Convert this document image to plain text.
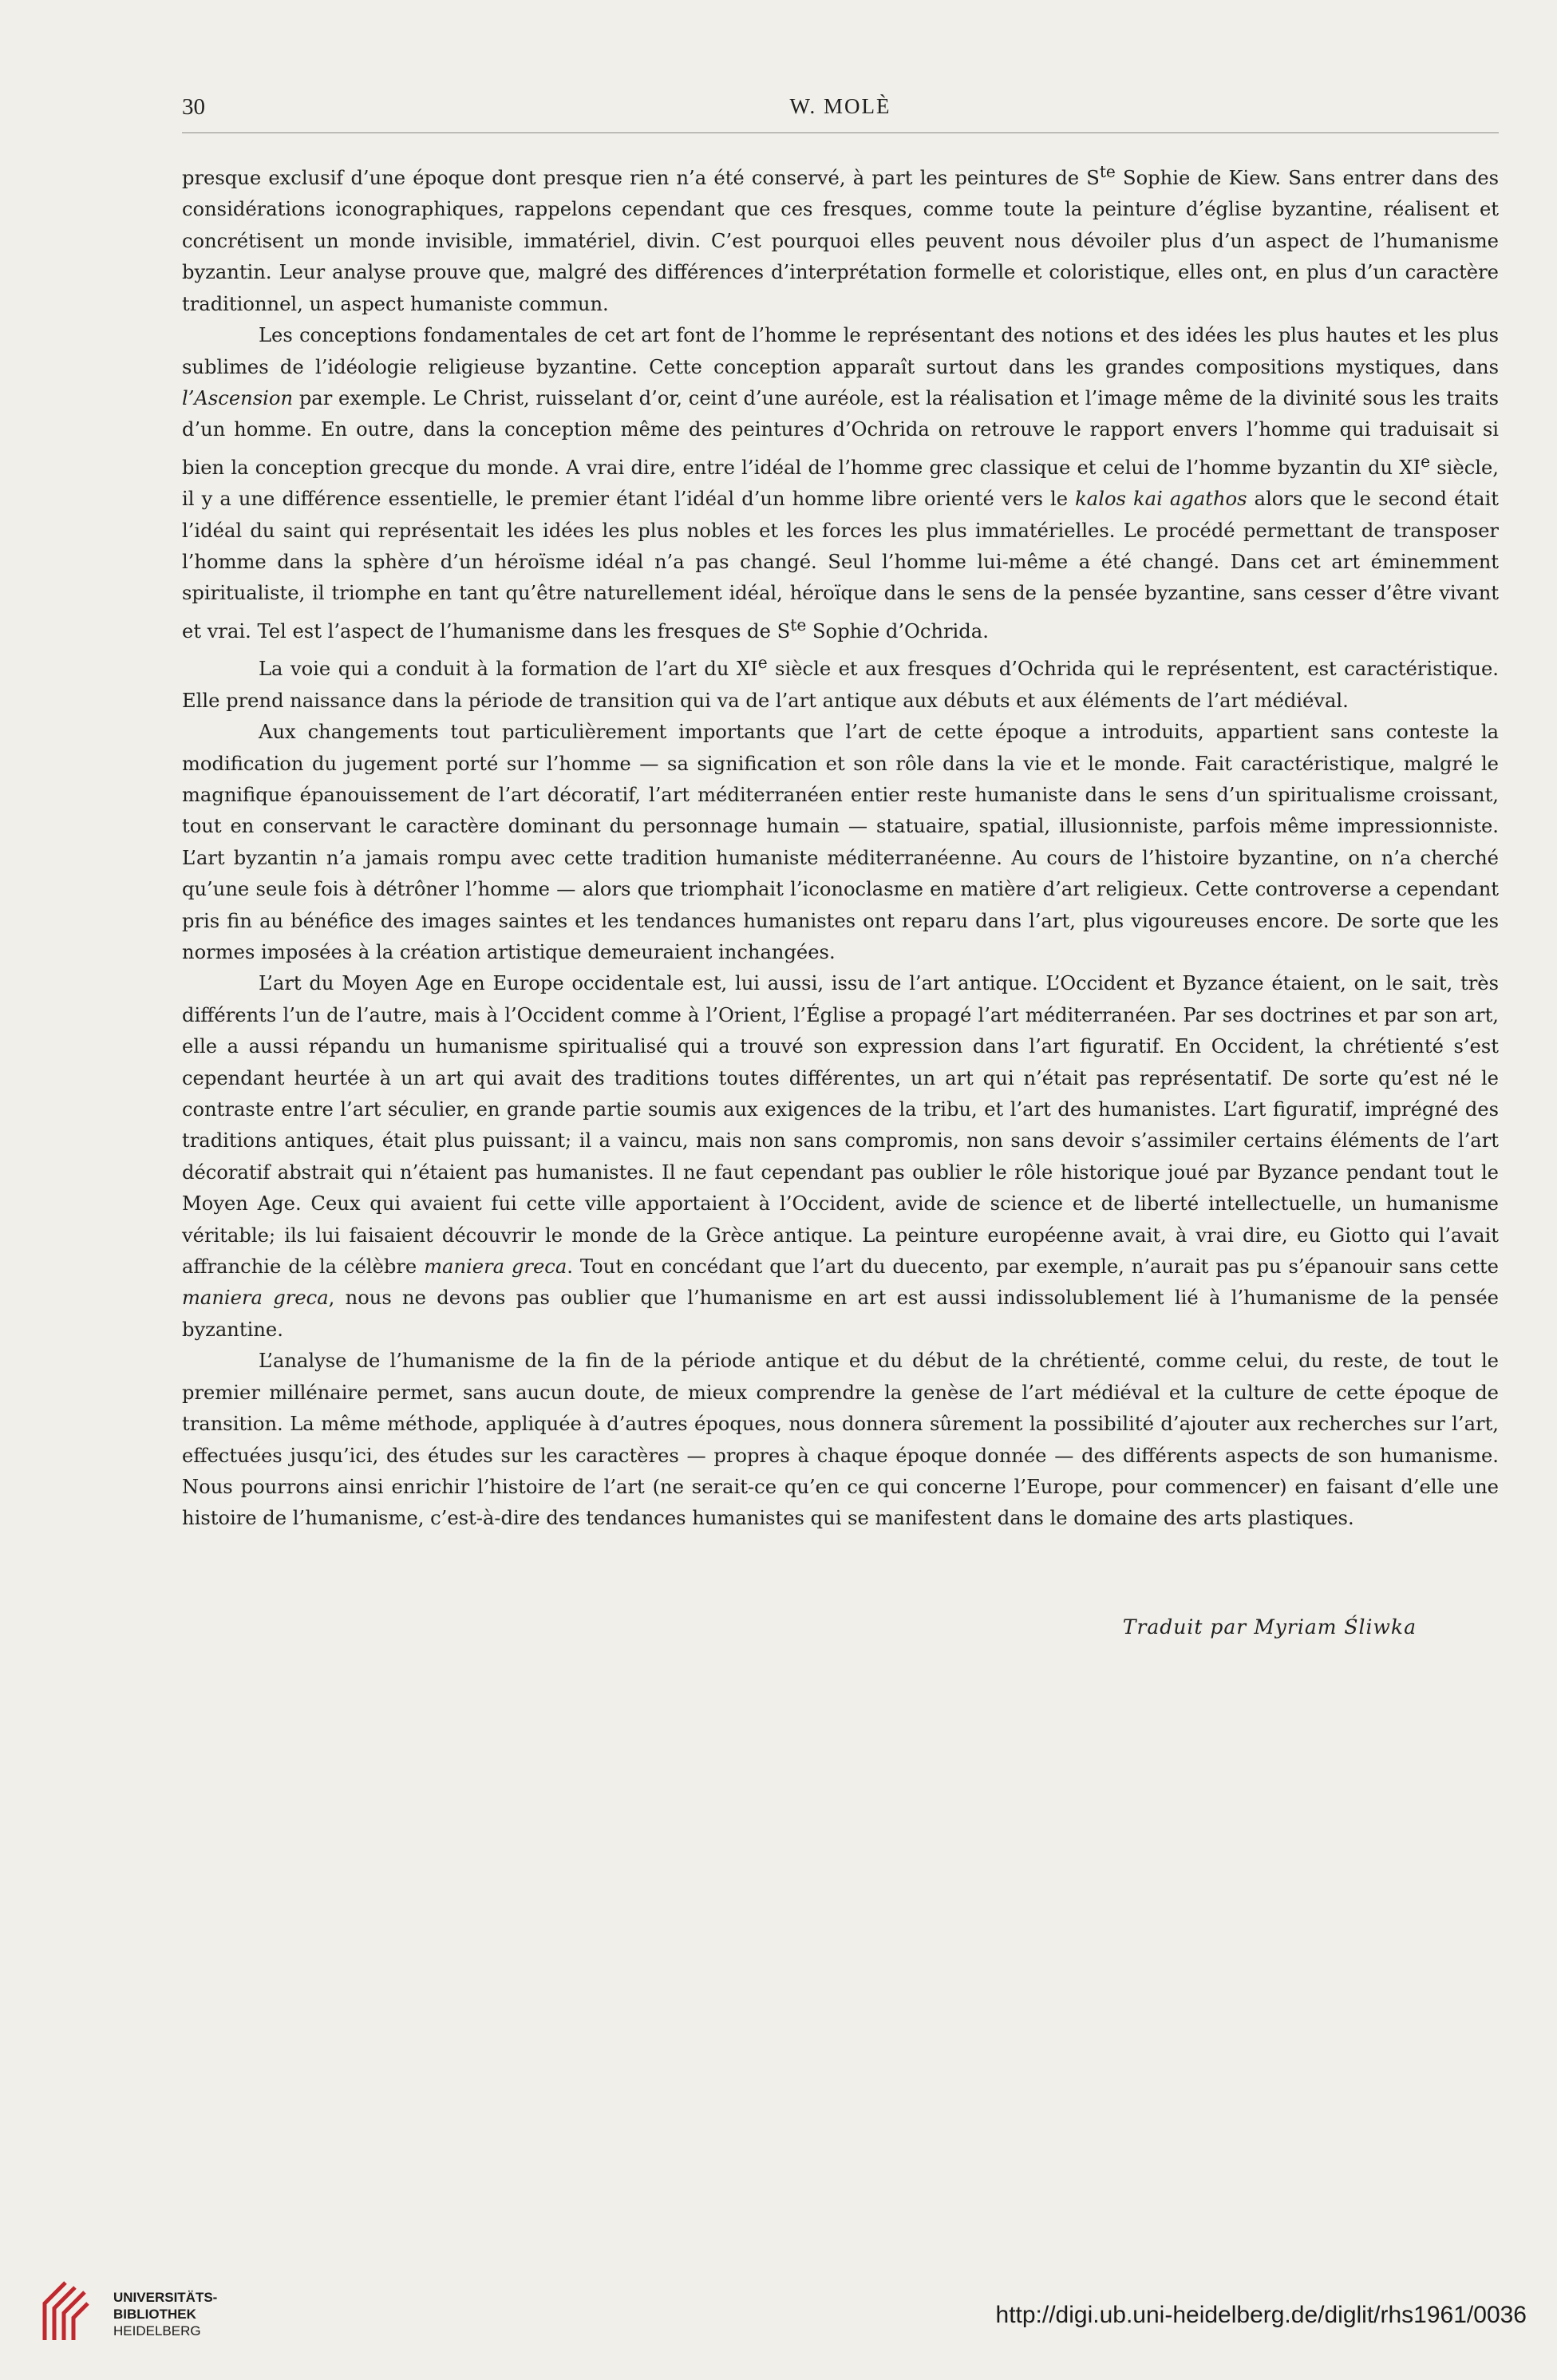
30	W. MOLÈ

presque exclusif d’une époque dont presque rien n’a été conservé, à part les peintures de $S^{te}$ Sophie de Kiew. Sans entrer dans des considérations iconographiques, rappelons cependant que ces fresques, comme toute la peinture d’église byzantine, réalisent et concrétisent un monde invisible, immatériel, divin. C’est pourquoi elles peuvent nous dévoiler plus d’un aspect de l’humanisme byzantin. Leur analyse prouve que, malgré des différences d’interprétation formelle et coloristique, elles ont, en plus d’un caractère traditionnel, un aspect humaniste commun.

Les conceptions fondamentales de cet art font de l’homme le représentant des notions et des idées les plus hautes et les plus sublimes de l’idéologie religieuse byzantine. Cette conception apparaît surtout dans les grandes compositions mystiques, dans l’Ascension par exemple. Le Christ, ruisselant d’or, ceint d’une auréole, est la réalisation et l’image même de la divinité sous les traits d’un homme. En outre, dans la conception même des peintures d’Ochrida on retrouve le rapport envers l’homme qui traduisait si bien la conception grecque du monde. A vrai dire, entre l’idéal de l’homme grec classique et celui de l’homme byzantin du XIe siècle, il y a une différence essentielle, le premier étant l’idéal d’un homme libre orienté vers le kalos kai agathos alors que le second était l’idéal du saint qui représentait les idées les plus nobles et les forces les plus immatérielles. Le procédé permettant de transposer l’homme dans la sphère d’un héroïsme idéal n’a pas changé. Seul l’homme lui-même a été changé. Dans cet art éminemment spiritualiste, il triomphe en tant qu’être naturellement idéal, héroïque dans le sens de la pensée byzantine, sans cesser d’être vivant et vrai. Tel est l’aspect de l’humanisme dans les fresques de $S^{te}$ Sophie d’Ochrida.

La voie qui a conduit à la formation de l’art du XIe siècle et aux fresques d’Ochrida qui le représentent, est caractéristique. Elle prend naissance dans la période de transition qui va de l’art antique aux débuts et aux éléments de l’art médiéval.

Aux changements tout particulièrement importants que l’art de cette époque a introduits, appartient sans conteste la modification du jugement porté sur l’homme — sa signification et son rôle dans la vie et le monde. Fait caractéristique, malgré le magnifique épanouissement de l’art décoratif, l’art méditerranéen entier reste humaniste dans le sens d’un spiritualisme croissant, tout en conservant le caractère dominant du personnage humain — statuaire, spatial, illusionniste, parfois même impressionniste. L’art byzantin n’a jamais rompu avec cette tradition humaniste méditerranéenne. Au cours de l’histoire byzantine, on n’a cherché qu’une seule fois à détrôner l’homme — alors que triomphait l’iconoclasme en matière d’art religieux. Cette controverse a cependant pris fin au bénéfice des images saintes et les tendances humanistes ont reparu dans l’art, plus vigoureuses encore. De sorte que les normes imposées à la création artistique demeuraient inchangées.

L’art du Moyen Age en Europe occidentale est, lui aussi, issu de l’art antique. L’Occident et Byzance étaient, on le sait, très différents l’un de l’autre, mais à l’Occident comme à l’Orient, l’Église a propagé l’art méditerranéen. Par ses doctrines et par son art, elle a aussi répandu un humanisme spiritualisé qui a trouvé son expression dans l’art figuratif. En Occident, la chrétienté s’est cependant heurtée à un art qui avait des traditions toutes différentes, un art qui n’était pas représentatif. De sorte qu’est né le contraste entre l’art séculier, en grande partie soumis aux exigences de la tribu, et l’art des humanistes. L’art figuratif, imprégné des traditions antiques, était plus puissant; il a vaincu, mais non sans compromis, non sans devoir s’assimiler certains éléments de l’art décoratif abstrait qui n’étaient pas humanistes. Il ne faut cependant pas oublier le rôle historique joué par Byzance pendant tout le Moyen Age. Ceux qui avaient fui cette ville apportaient à l’Occident, avide de science et de liberté intellectuelle, un humanisme véritable; ils lui faisaient découvrir le monde de la Grèce antique. La peinture européenne avait, à vrai dire, eu Giotto qui l’avait affranchie de la célèbre maniera greca. Tout en concédant que l’art du duecento, par exemple, n’aurait pas pu s’épanouir sans cette maniera greca, nous ne devons pas oublier que l’humanisme en art est aussi indissolublement lié à l’humanisme de la pensée byzantine.

L’analyse de l’humanisme de la fin de la période antique et du début de la chrétienté, comme celui, du reste, de tout le premier millénaire permet, sans aucun doute, de mieux comprendre la genèse de l’art médiéval et la culture de cette époque de transition. La même méthode, appliquée à d’autres époques, nous donnera sûrement la possibilité d’ajouter aux recherches sur l’art, effectuées jusqu’ici, des études sur les caractères — propres à chaque époque donnée — des différents aspects de son humanisme. Nous pourrons ainsi enrichir l’histoire de l’art (ne serait-ce qu’en ce qui concerne l’Europe, pour commencer) en faisant d’elle une histoire de l’humanisme, c’est-à-dire des tendances humanistes qui se manifestent dans le domaine des arts plastiques.

Traduit par Myriam Śliwka
UNIVERSITÄTS-
BIBLIOTHEK
HEIDELBERG
http://digi.ub.uni-heidelberg.de/diglit/rhs1961/0036
